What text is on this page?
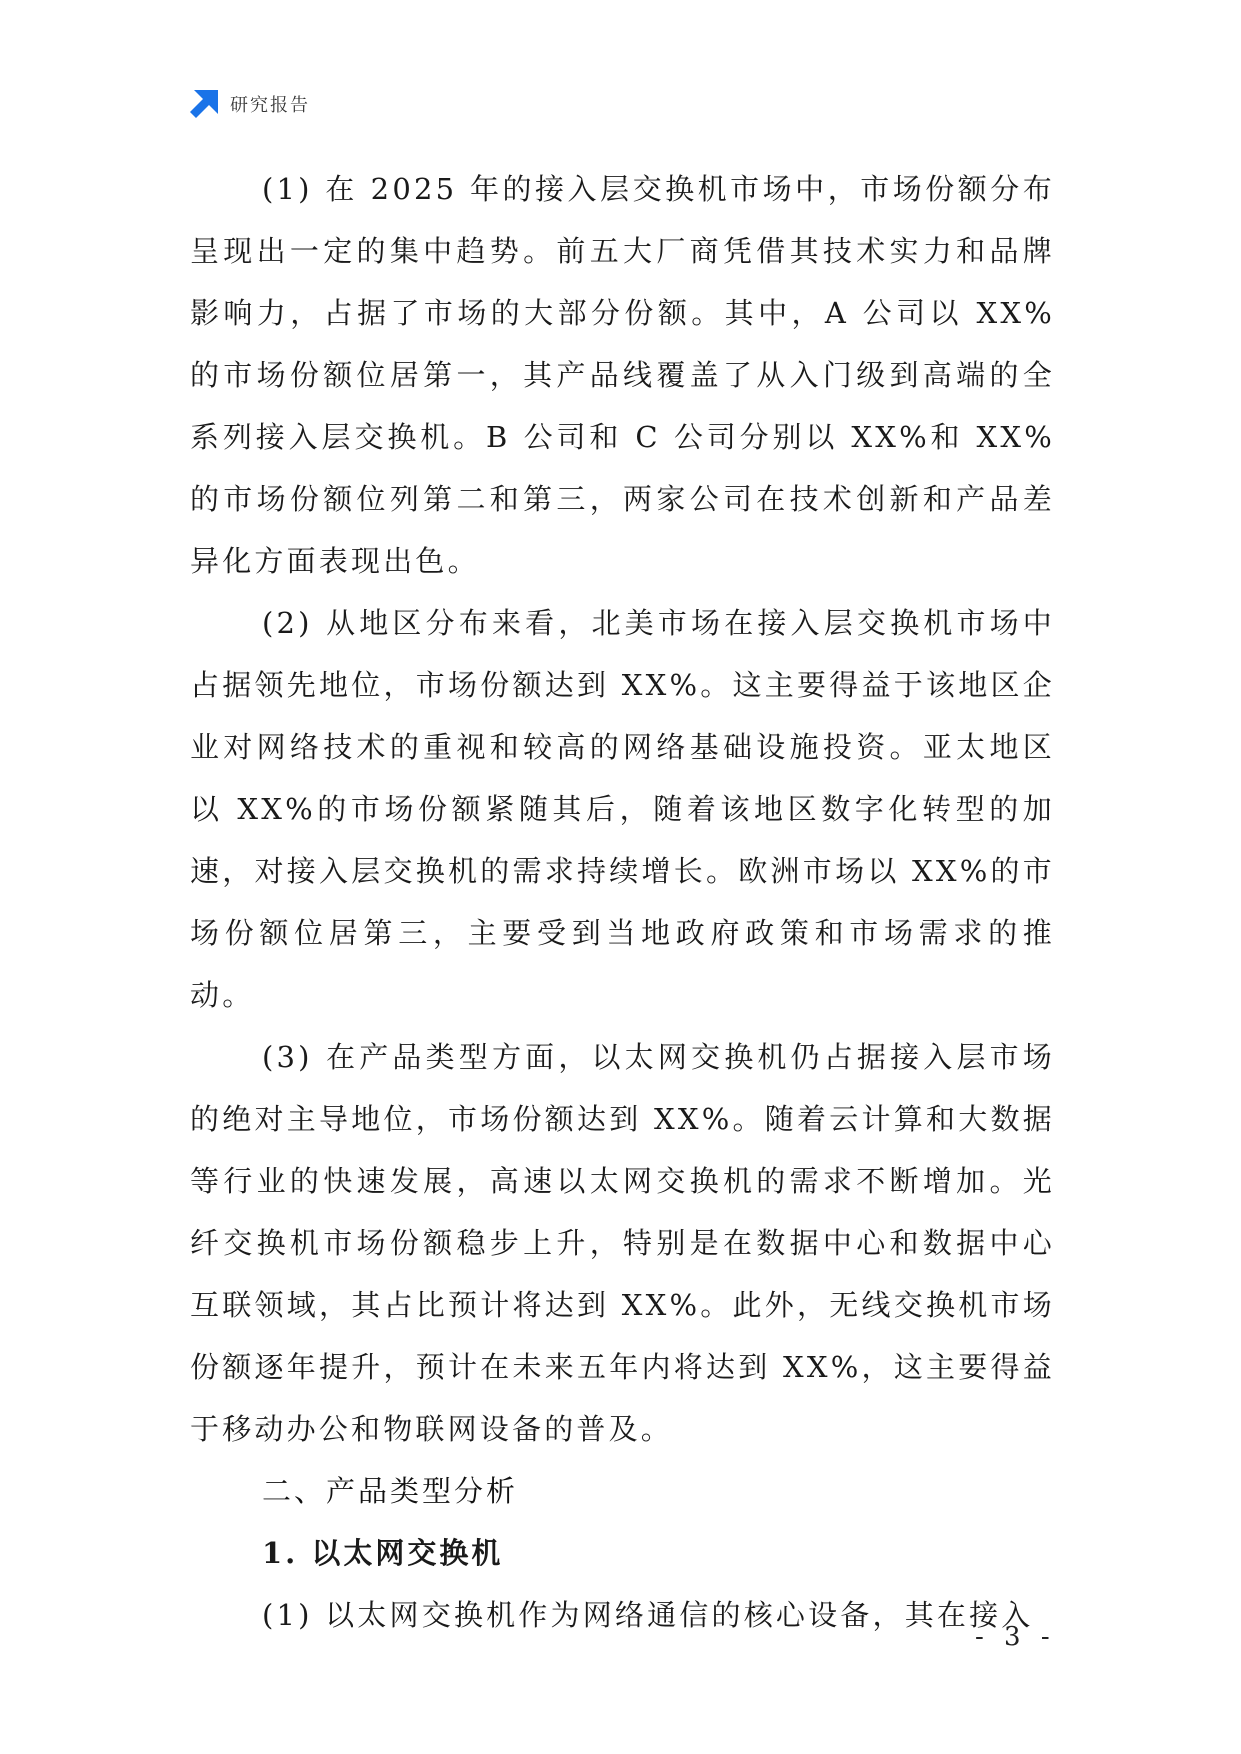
研究报告

(1) 在 2025 年的接入层交换机市场中，市场份额分布呈现出一定的集中趋势。前五大厂商凭借其技术实力和品牌影响力，占据了市场的大部分份额。其中，A 公司以 XX%的市场份额位居第一，其产品线覆盖了从入门级到高端的全系列接入层交换机。B 公司和 C 公司分别以 XX%和 XX%的市场份额位列第二和第三，两家公司在技术创新和产品差异化方面表现出色。

(2) 从地区分布来看，北美市场在接入层交换机市场中占据领先地位，市场份额达到 XX%。这主要得益于该地区企业对网络技术的重视和较高的网络基础设施投资。亚太地区以 XX%的市场份额紧随其后，随着该地区数字化转型的加速，对接入层交换机的需求持续增长。欧洲市场以 XX%的市场份额位居第三，主要受到当地政府政策和市场需求的推动。

(3) 在产品类型方面，以太网交换机仍占据接入层市场的绝对主导地位，市场份额达到 XX%。随着云计算和大数据等行业的快速发展，高速以太网交换机的需求不断增加。光纤交换机市场份额稳步上升，特别是在数据中心和数据中心互联领域，其占比预计将达到 XX%。此外，无线交换机市场份额逐年提升，预计在未来五年内将达到 XX%，这主要得益于移动办公和物联网设备的普及。

二、产品类型分析
1. 以太网交换机

(1) 以太网交换机作为网络通信的核心设备，其在接入

- 3 -
